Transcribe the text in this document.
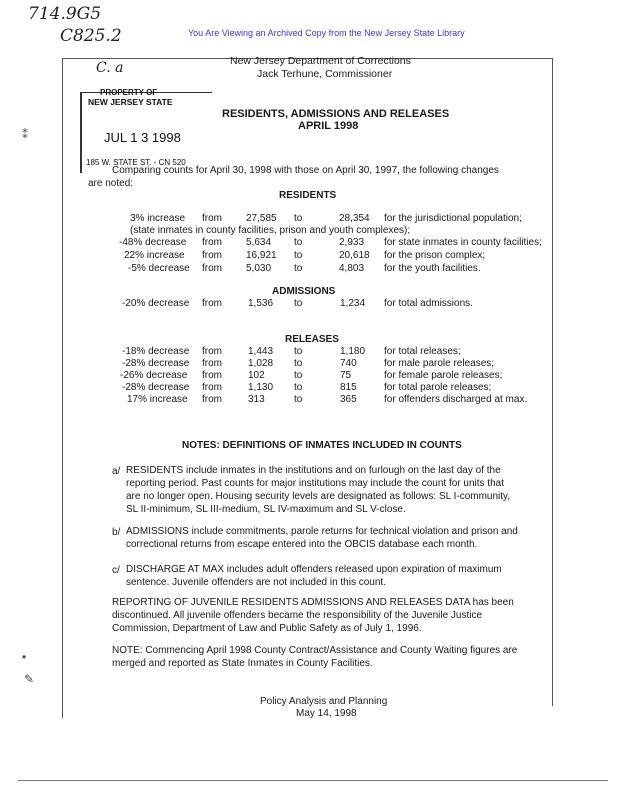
714.9G5
C825.2	You Are Viewing an Archived Copy from the New Jersey State Library
C. a	New Jersey Department of Corrections
Jack Terhune, Commissioner
PROPERTY OF
NEW JERSEY STATE
JUL 1 3 1998
185 W. STATE ST. - CN 520
RESIDENTS, ADMISSIONS AND RELEASES
APRIL 1998
Comparing counts for April 30, 1998 with those on April 30, 1997, the following changes
are noted:
RESIDENTS
3% increase from 27,585 to	28,354 for the jurisdictional population;
(state inmates in county facilities, prison and youth complexes);
-48% decrease from 5,634 to	2,933 for state inmates in county facilities;
22% increase from 16,921 to	20,618 for the prison complex;
-5% decrease from 5,030 to	4,803 for the youth facilities.
ADMISSIONS
-20% decrease from	1,536 to	1,234 for total admissions.
RELEASES
-18% decrease from	1,443 to	1,180 for total releases;
-28% decrease from	1,028 to	740	for male parole releases;
-26% decrease from	102	to	75	for female parole releases;
-28% decrease from	1,130 to	815	for total parole releases;
17% increase from	313	to	365	for offenders discharged at max.
NOTES: DEFINITIONS OF INMATES INCLUDED IN COUNTS
a/ RESIDENTS include inmates in the institutions and on furlough on the last day of the reporting period. Past counts for major institutions may include the count for units that are no longer open. Housing security levels are designated as follows: SL I-community, SL II-minimum, SL III-medium, SL IV-maximum and SL V-close.
b/ ADMISSIONS include commitments, parole returns for technical violation and prison and correctional returns from escape entered into the OBCIS database each month.
c/ DISCHARGE AT MAX includes adult offenders released upon expiration of maximum sentence. Juvenile offenders are not included in this count.
REPORTING OF JUVENILE RESIDENTS ADMISSIONS AND RELEASES DATA has been discontinued. All juvenile offenders became the responsibility of the Juvenile Justice Commission, Department of Law and Public Safety as of July 1, 1996.
NOTE: Commencing April 1998 County Contract/Assistance and County Waiting figures are merged and reported as State Inmates in County Facilities.
Policy Analysis and Planning
May 14, 1998
⁑
•
✎
